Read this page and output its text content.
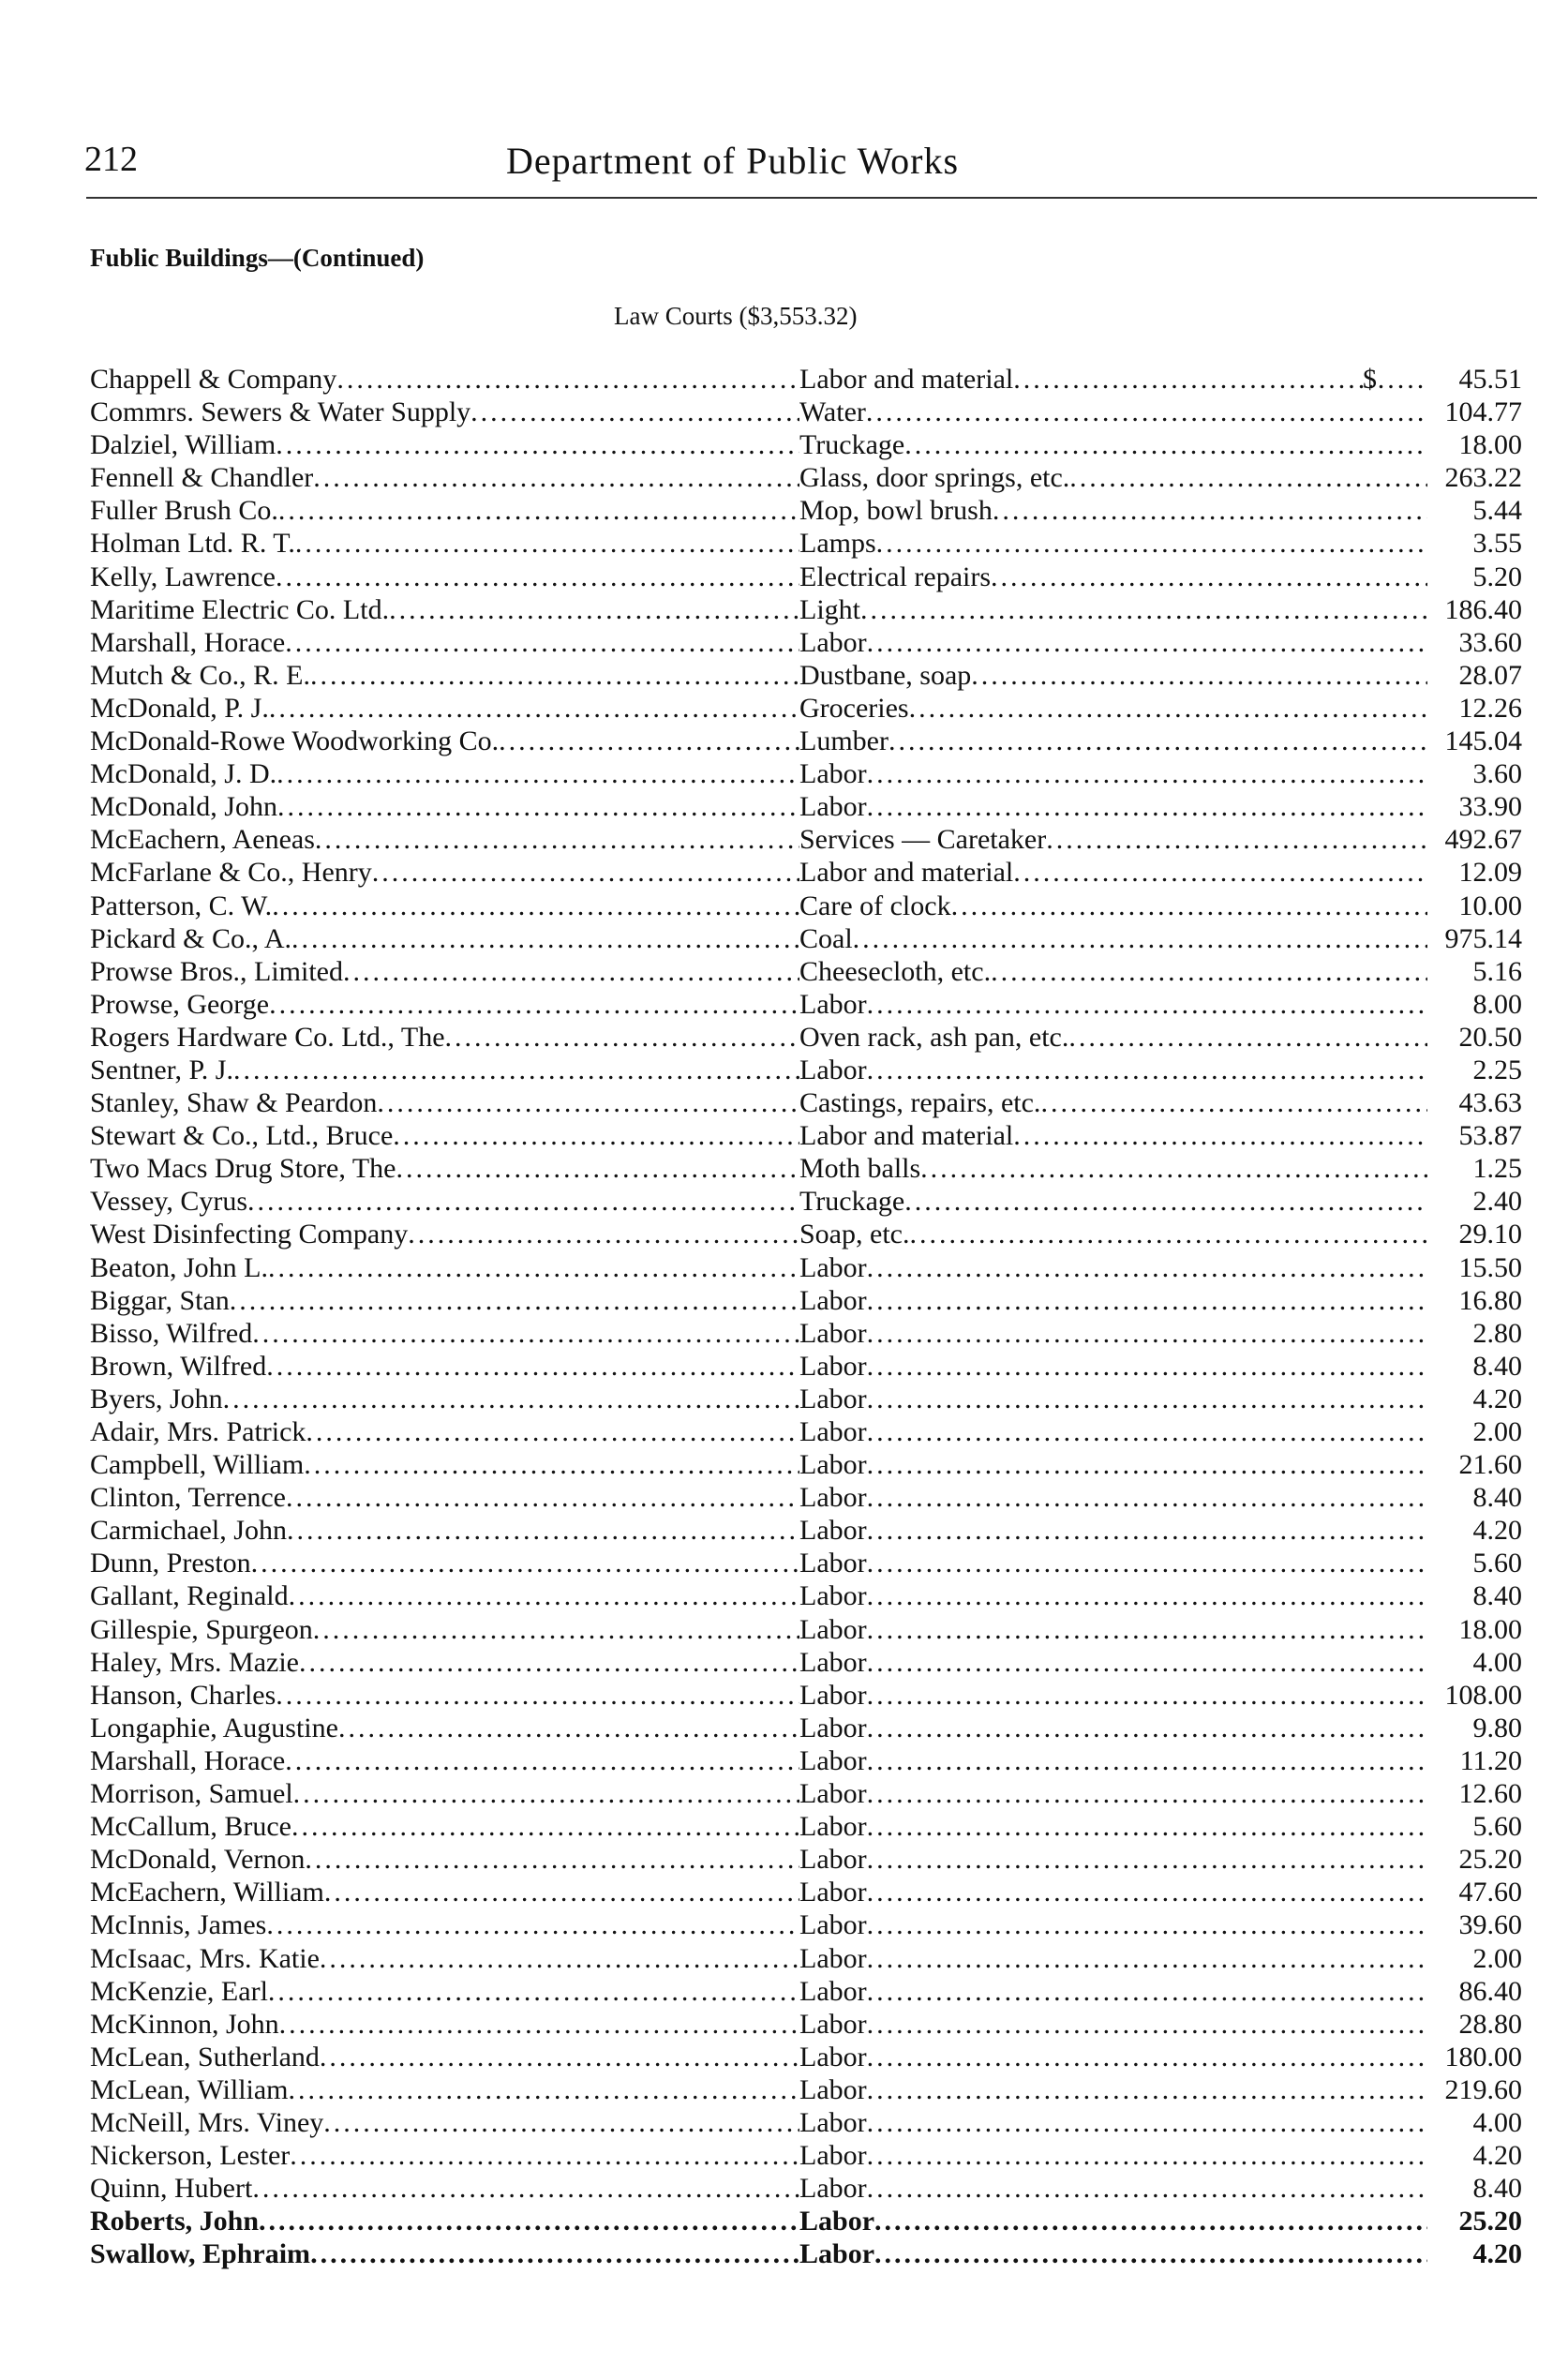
212	Department of Public Works
Fublic Buildings—(Continued)
Law Courts ($3,553.32)
Chappell & Company .....	Labor and material .....	$	45.51
Commrs. Sewers & Water Supply .....	Water .....	104.77
Dalziel, William .....	Truckage .....	18.00
Fennell & Chandler .....	Glass, door springs, etc. .....	263.22
Fuller Brush Co. .....	Mop, bowl brush .....	5.44
Holman Ltd. R. T. .....	Lamps .....	3.55
Kelly, Lawrence .....	Electrical repairs .....	5.20
Maritime Electric Co. Ltd. .....	Light .....	186.40
Marshall, Horace .....	Labor .....	33.60
Mutch & Co., R. E. .....	Dustbane, soap .....	28.07
McDonald, P. J. .....	Groceries .....	12.26
McDonald-Rowe Woodworking Co. .....	Lumber .....	145.04
McDonald, J. D. .....	Labor .....	3.60
McDonald, John .....	Labor .....	33.90
McEachern, Aeneas .....	Services — Caretaker .....	492.67
McFarlane & Co., Henry .....	Labor and material .....	12.09
Patterson, C. W. .....	Care of clock .....	10.00
Pickard & Co., A. .....	Coal .....	975.14
Prowse Bros., Limited .....	Cheesecloth, etc. .....	5.16
Prowse, George .....	Labor .....	8.00
Rogers Hardware Co. Ltd., The .....	Oven rack, ash pan, etc. .....	20.50
Sentner, P. J. .....	Labor .....	2.25
Stanley, Shaw & Peardon .....	Castings, repairs, etc. .....	43.63
Stewart & Co., Ltd., Bruce .....	Labor and material .....	53.87
Two Macs Drug Store, The .....	Moth balls .....	1.25
Vessey, Cyrus .....	Truckage .....	2.40
West Disinfecting Company .....	Soap, etc. .....	29.10
Beaton, John L. .....	Labor .....	15.50
Biggar, Stan .....	Labor .....	16.80
Bisso, Wilfred .....	Labor .....	2.80
Brown, Wilfred .....	Labor .....	8.40
Byers, John .....	Labor .....	4.20
Adair, Mrs. Patrick .....	Labor .....	2.00
Campbell, William .....	Labor .....	21.60
Clinton, Terrence .....	Labor .....	8.40
Carmichael, John .....	Labor .....	4.20
Dunn, Preston .....	Labor .....	5.60
Gallant, Reginald .....	Labor .....	8.40
Gillespie, Spurgeon .....	Labor .....	18.00
Haley, Mrs. Mazie .....	Labor .....	4.00
Hanson, Charles .....	Labor .....	108.00
Longaphie, Augustine .....	Labor .....	9.80
Marshall, Horace .....	Labor .....	11.20
Morrison, Samuel .....	Labor .....	12.60
McCallum, Bruce .....	Labor .....	5.60
McDonald, Vernon .....	Labor .....	25.20
McEachern, William .....	Labor .....	47.60
McInnis, James .....	Labor .....	39.60
McIsaac, Mrs. Katie .....	Labor .....	2.00
McKenzie, Earl .....	Labor .....	86.40
McKinnon, John .....	Labor .....	28.80
McLean, Sutherland .....	Labor .....	180.00
McLean, William .....	Labor .....	219.60
McNeill, Mrs. Viney .....	Labor .....	4.00
Nickerson, Lester .....	Labor .....	4.20
Quinn, Hubert .....	Labor .....	8.40
Roberts, John .....	Labor .....	25.20
Swallow, Ephraim .....	Labor .....	4.20
